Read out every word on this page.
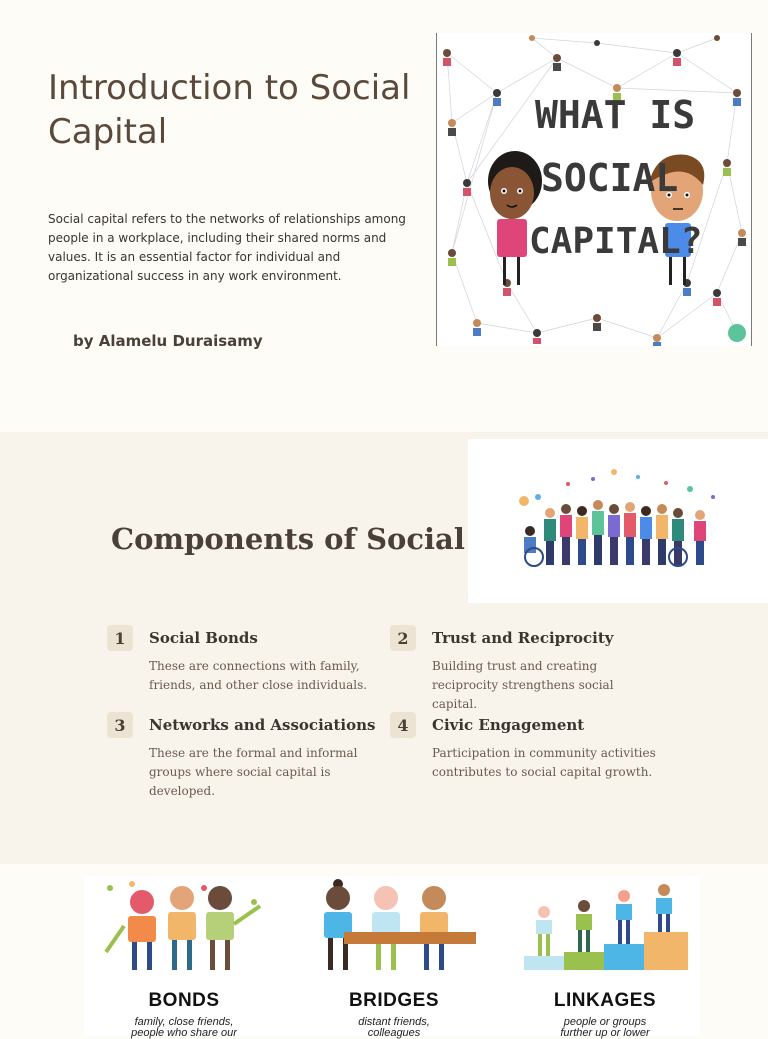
Introduction to Social Capital

Social capital refers to the networks of relationships among people in a workplace, including their shared norms and values. It is an essential factor for individual and organizational success in any work environment.

by Alamelu Duraisamy
WHAT IS
SOCIAL
CAPITAL?
Components of Social
1	Social Bonds
These are connections with family, friends, and other close individuals.
2	Trust and Reciprocity
Building trust and creating reciprocity strengthens social capital.
3	Networks and Associations
These are the formal and informal groups where social capital is developed.
4	Civic Engagement
Participation in community activities contributes to social capital growth.
BONDS
family, close friends,
people who share our
BRIDGES
distant friends,
colleagues
LINKAGES
people or groups
further up or lower
